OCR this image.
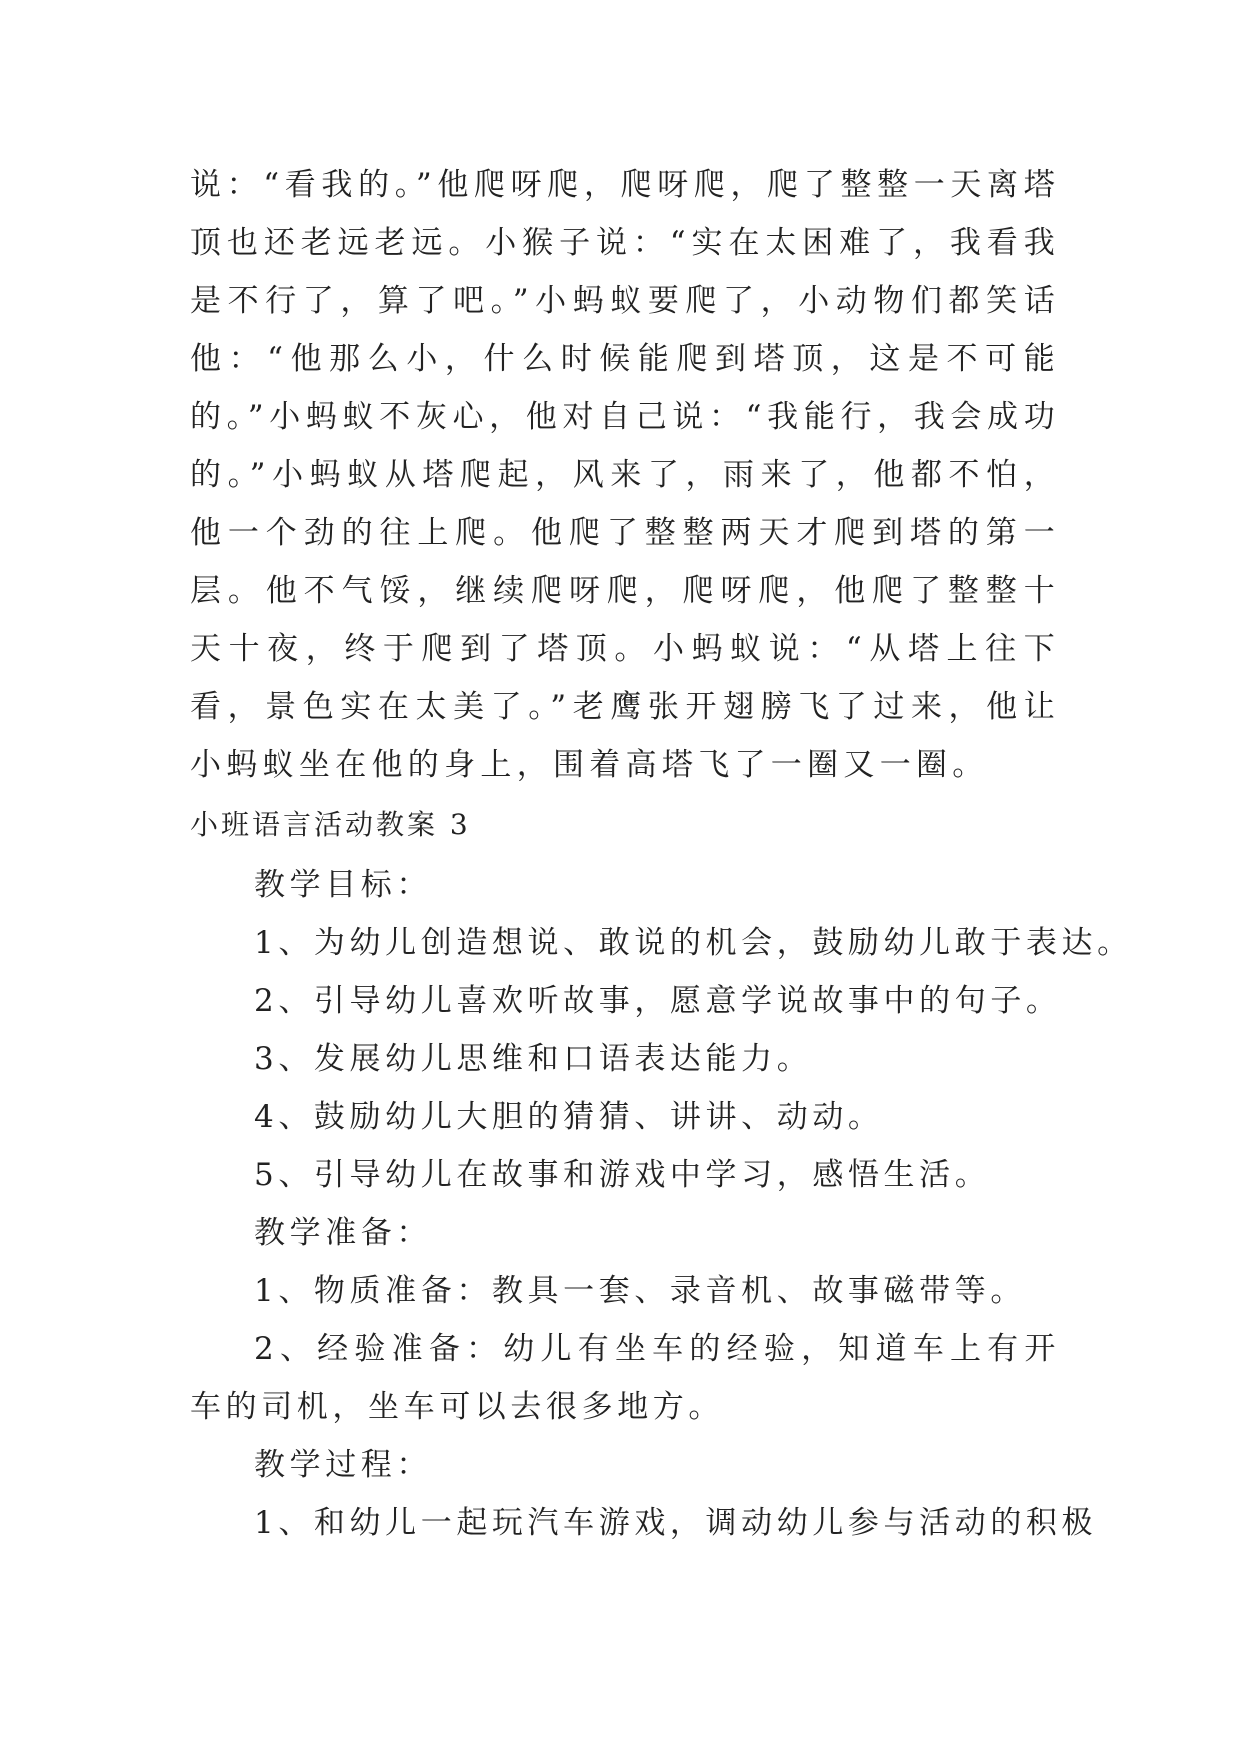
说：“看我的。”他爬呀爬，爬呀爬，爬了整整一天离塔顶也还老远老远。小猴子说：“实在太困难了，我看我是不行了，算了吧。”小蚂蚁要爬了，小动物们都笑话他：“他那么小，什么时候能爬到塔顶，这是不可能的。”小蚂蚁不灰心，他对自己说：“我能行，我会成功的。”小蚂蚁从塔爬起，风来了，雨来了，他都不怕，他一个劲的往上爬。他爬了整整两天才爬到塔的第一层。他不气馁，继续爬呀爬，爬呀爬，他爬了整整十天十夜，终于爬到了塔顶。小蚂蚁说：“从塔上往下看，景色实在太美了。”老鹰张开翅膀飞了过来，他让小蚂蚁坐在他的身上，围着高塔飞了一圈又一圈。

小班语言活动教案 3

教学目标：

1、为幼儿创造想说、敢说的机会，鼓励幼儿敢于表达。

2、引导幼儿喜欢听故事，愿意学说故事中的句子。

3、发展幼儿思维和口语表达能力。

4、鼓励幼儿大胆的猜猜、讲讲、动动。

5、引导幼儿在故事和游戏中学习，感悟生活。

教学准备：

1、物质准备：教具一套、录音机、故事磁带等。

2、经验准备：幼儿有坐车的经验，知道车上有开车的司机，坐车可以去很多地方。

教学过程：

1、和幼儿一起玩汽车游戏，调动幼儿参与活动的积极
